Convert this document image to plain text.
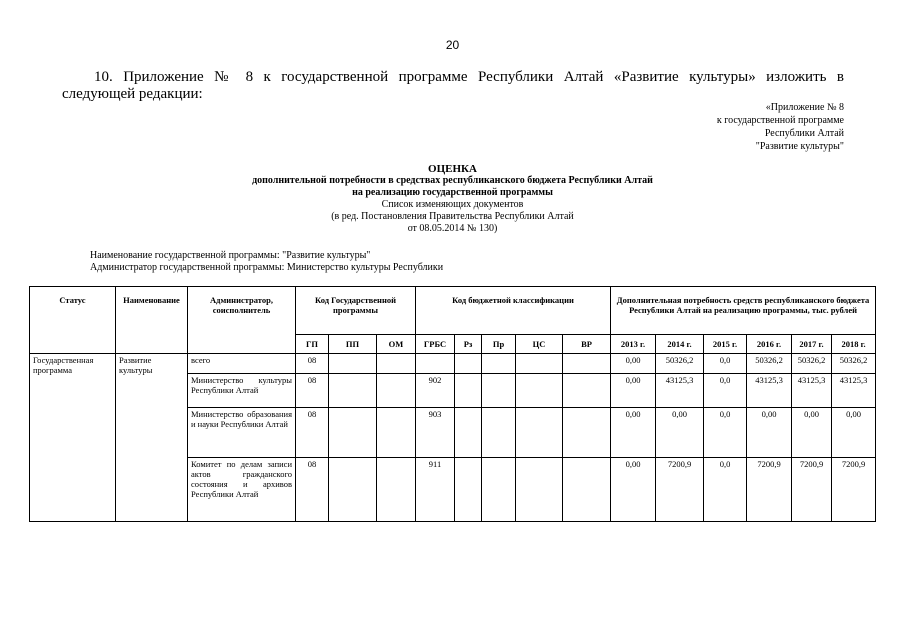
20
10. Приложение № 8 к государственной программе Республики Алтай «Развитие культуры» изложить в
следующей редакции:
«Приложение № 8
к государственной программе
Республики Алтай
"Развитие культуры"
ОЦЕНКА
дополнительной потребности в средствах республиканского бюджета Республики Алтай
на реализацию государственной программы
Список изменяющих документов
(в ред. Постановления Правительства Республики Алтай
от 08.05.2014 № 130)
Наименование государственной программы: "Развитие культуры"
Администратор государственной программы: Министерство культуры Республики
Статус	Наименование	Администратор, соисполнитель	Код Государственной программы			Код бюджетной классификации					Дополнительная потребность средств республиканского бюджета Республики Алтай на реализацию программы, тыс. рублей					
			ГП	ПП	ОМ	ГРБС	Рз	Пр	ЦС	ВР	2013 г.	2014 г.	2015 г.	2016 г.	2017 г.	2018 г.
Государственная программа	Развитие культуры	всего	08								0,00	50326,2	0,0	50326,2	50326,2	50326,2
		Министерство культуры Республики Алтай	08			902					0,00	43125,3	0,0	43125,3	43125,3	43125,3
		Министерство образования и науки Республики Алтай	08			903					0,00	0,00	0,0	0,00	0,00	0,00
		Комитет по делам записи актов гражданского состояния и архивов Республики Алтай	08			911					0,00	7200,9	0,0	7200,9	7200,9	7200,9
